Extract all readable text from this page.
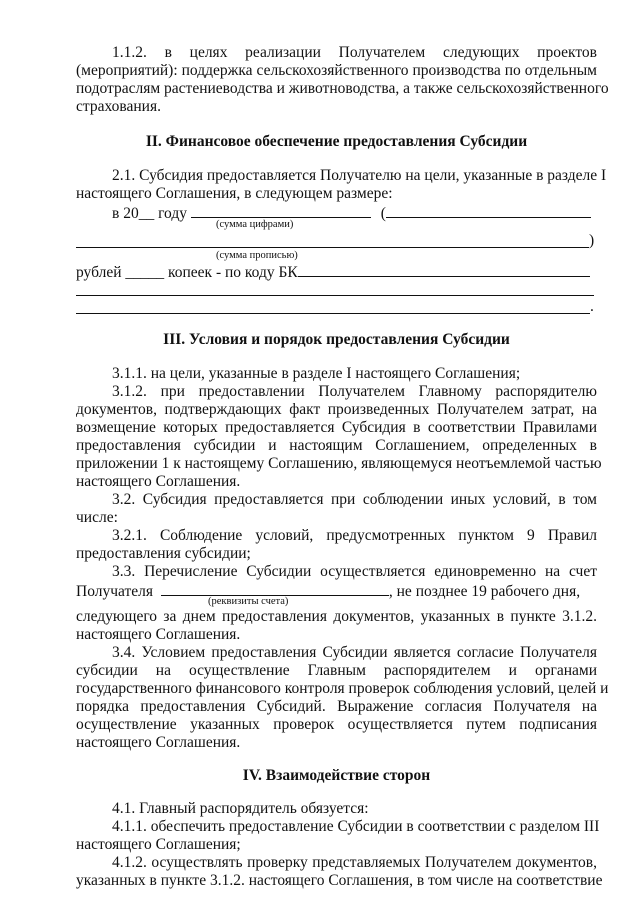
1.1.2. в целях реализации Получателем следующих проектов
(мероприятий): поддержка сельскохозяйственного производства по отдельным
подотраслям растениеводства и животноводства, а также сельскохозяйственного
страхования.
II. Финансовое обеспечение предоставления Субсидии
2.1. Субсидия предоставляется Получателю на цели, указанные в разделе I
настоящего Соглашения, в следующем размере:
в 20__ году	(
(сумма цифрами)
)
(сумма прописью)
рублей _____ копеек - по коду БК
.
III. Условия и порядок предоставления Субсидии
3.1.1. на цели, указанные в разделе I настоящего Соглашения;
3.1.2. при предоставлении Получателем Главному распорядителю
документов, подтверждающих факт произведенных Получателем затрат, на
возмещение которых предоставляется Субсидия в соответствии Правилами
предоставления субсидии и настоящим Соглашением, определенных в
приложении 1 к настоящему Соглашению, являющемуся неотъемлемой частью
настоящего Соглашения.
3.2. Субсидия предоставляется при соблюдении иных условий, в том
числе:
3.2.1. Соблюдение условий, предусмотренных пунктом 9 Правил
предоставления субсидии;
3.3. Перечисление Субсидии осуществляется единовременно на счет
Получателя	, не позднее 19 рабочего дня,
(реквизиты счета)
следующего за днем предоставления документов, указанных в пункте 3.1.2.
настоящего Соглашения.
3.4. Условием предоставления Субсидии является согласие Получателя
субсидии на осуществление Главным распорядителем и органами
государственного финансового контроля проверок соблюдения условий, целей и
порядка предоставления Субсидий. Выражение согласия Получателя на
осуществление указанных проверок осуществляется путем подписания
настоящего Соглашения.
IV. Взаимодействие сторон
4.1. Главный распорядитель обязуется:
4.1.1. обеспечить предоставление Субсидии в соответствии с разделом III
настоящего Соглашения;
4.1.2. осуществлять проверку представляемых Получателем документов,
указанных в пункте 3.1.2. настоящего Соглашения, в том числе на соответствие
